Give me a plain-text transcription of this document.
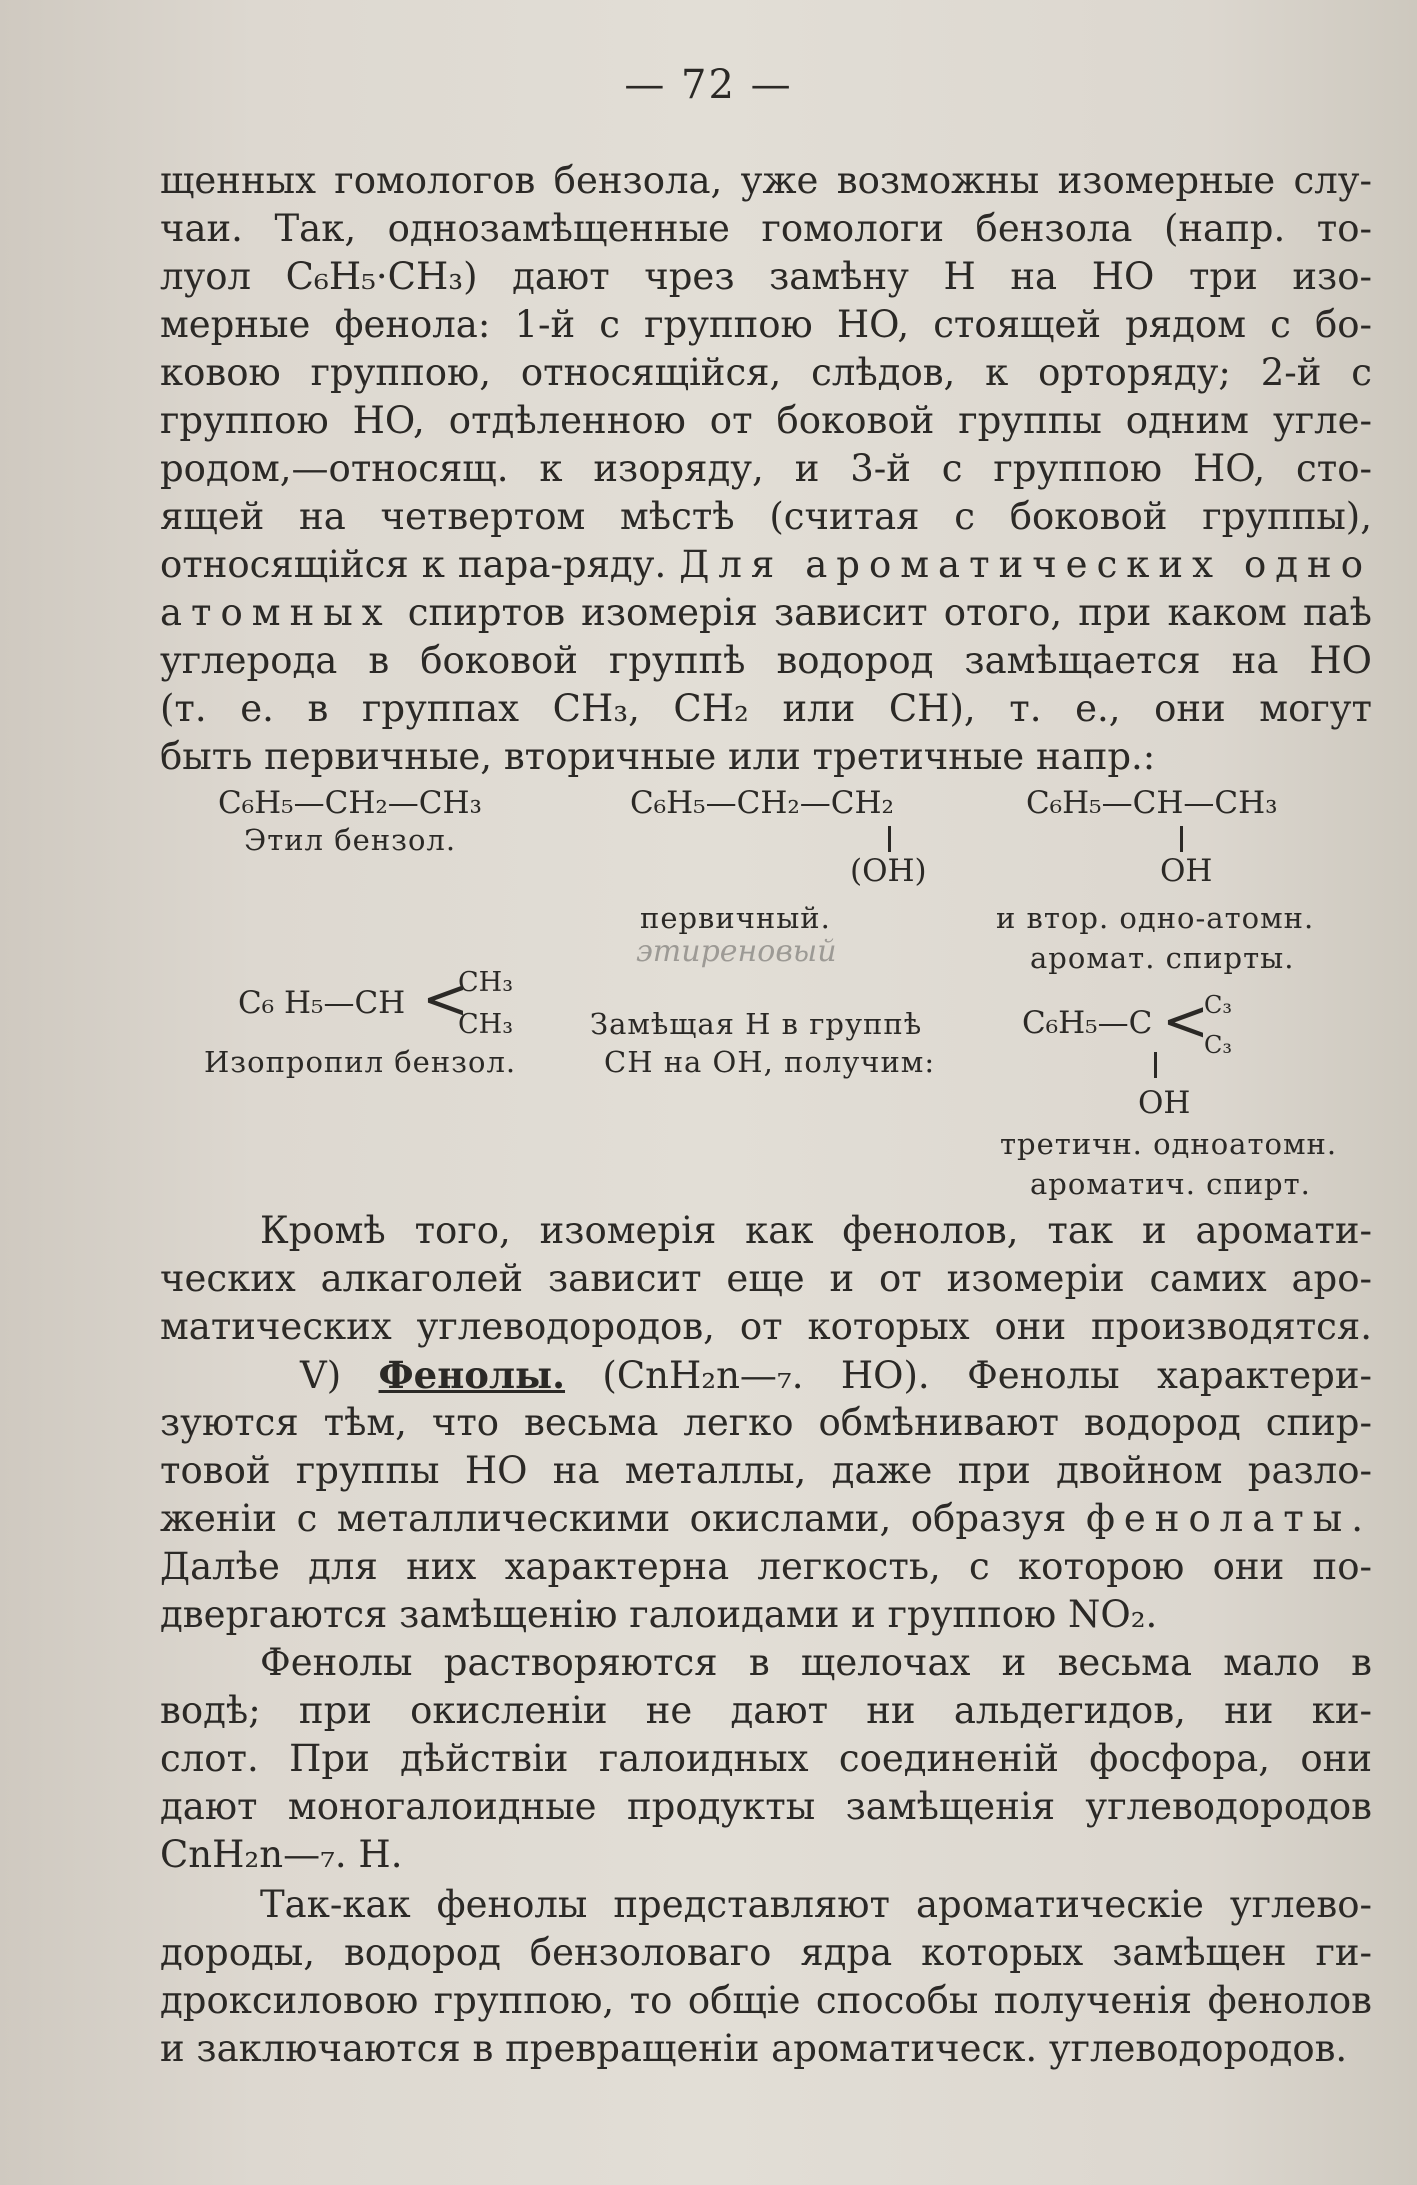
— 72 —
щенных гомологов бензола, уже возможны изомерные слу-
чаи. Так, однозамѣщенные гомологи бензола (напр. то-
луол C₆H₅·CH₃) дают чрез замѣну H на HO три изо-
мерные фенола: 1-й с группою HO, стоящей рядом с бо-
ковою группою, относящійся, слѣдов, к орторяду; 2-й с
группою HO, отдѣленною от боковой группы одним угле-
родом,—относящ. к изоряду, и 3-й с группою HO, сто-
ящей на четвертом мѣстѣ (считая с боковой группы),
относящійся к пара-ряду. Для ароматических одно
атомных спиртов изомерія зависит отого, при каком паѣ
углерода в боковой группѣ водород замѣщается на HO
(т. е. в группах CH₃, CH₂ или CH), т. е., они могут
быть первичные, вторичные или третичные напр.:
C₆H₅—CH₂—CH₃
Этил бензол.
C₆H₅—CH₂—CH₂
(OH)
первичный.
C₆H₅—CH—CH₃
OH
и втор. одно-атомн.
аромат. спирты.
этиреновый
C₆ H₅—CH <
CH₃
CH₃
Изопропил бензол.
Замѣщая H в группѣ
CH на OH, получим:
C₆H₅—C <
C₃
C₃
OH
третичн. одноатомн.
ароматич. спирт.
Кромѣ того, изомерія как фенолов, так и аромати-
ческих алкаголей зависит еще и от изомеріи самих аро-
матических углеводородов, от которых они производятся.
V) Фенолы. (CnH₂n—₇. HO). Фенолы характери-
зуются тѣм, что весьма легко обмѣнивают водород спир-
товой группы HO на металлы, даже при двойном разло-
женіи с металлическими окислами, образуя фенолаты.
Далѣе для них характерна легкость, с которою они по-
двергаются замѣщенію галоидами и группою NO₂.
Фенолы растворяются в щелочах и весьма мало в
водѣ; при окисленіи не дают ни альдегидов, ни ки-
слот. При дѣйствіи галоидных соединеній фосфора, они
дают моногалоидные продукты замѣщенія углеводородов
CnH₂n—₇. H.
Так-как фенолы представляют ароматическіе углево-
дороды, водород бензоловаго ядра которых замѣщен ги-
дроксиловою группою, то общіе способы полученія фенолов
и заключаются в превращеніи ароматическ. углеводородов.
